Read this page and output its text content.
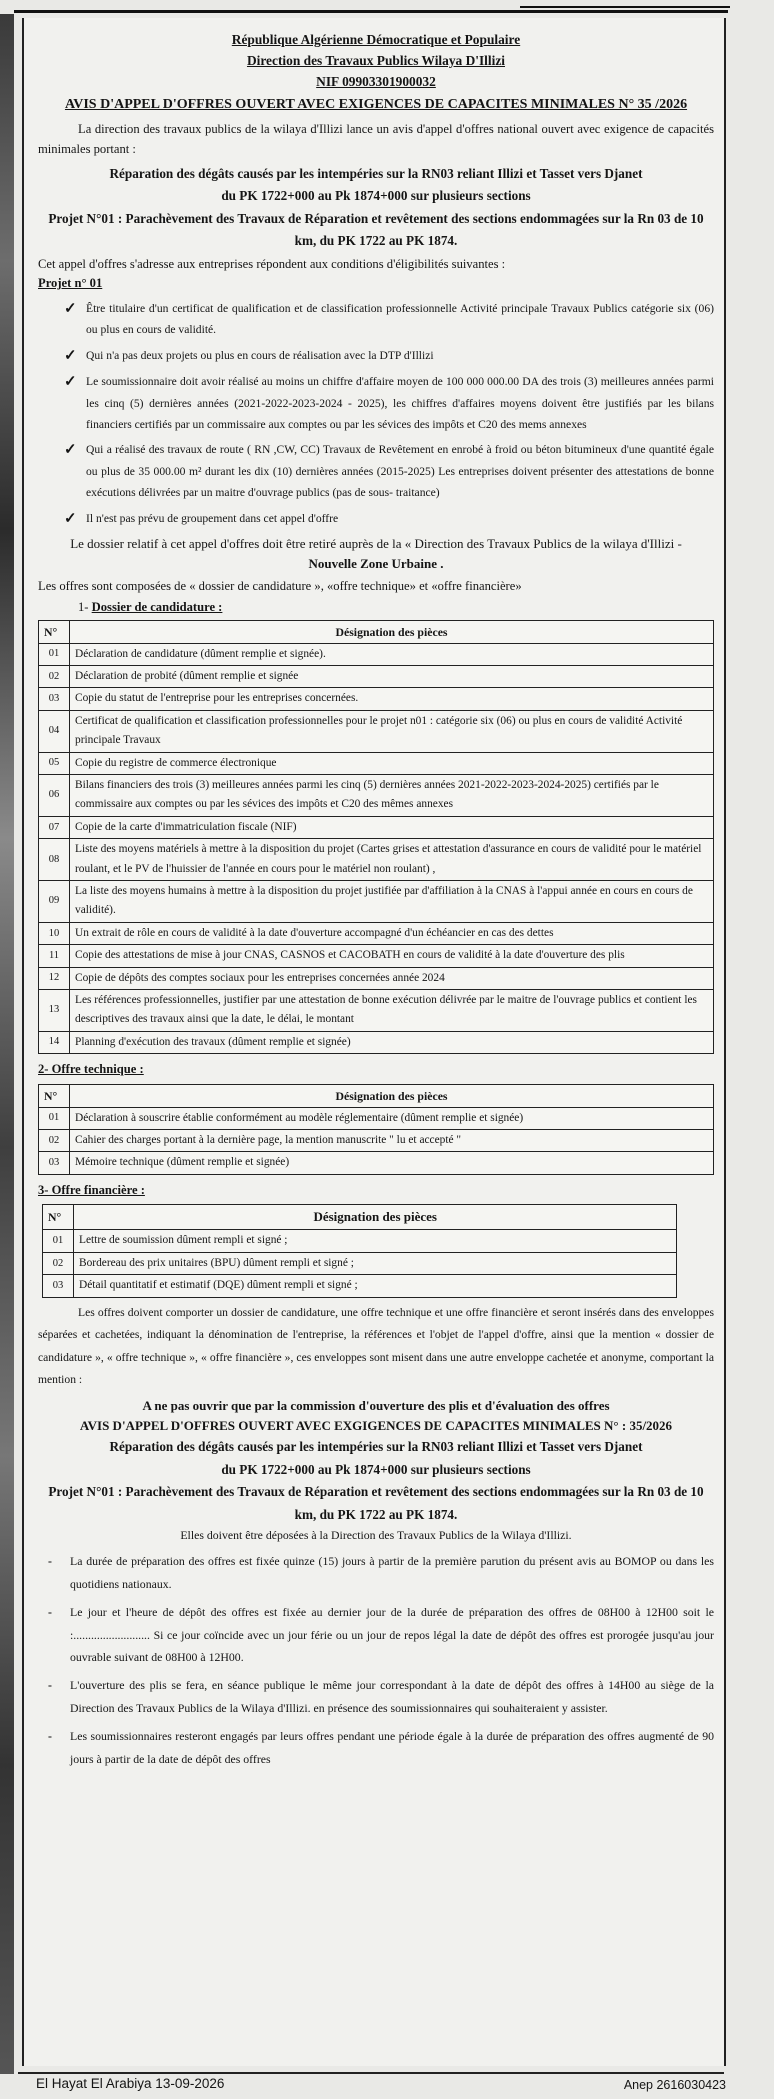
République Algérienne Démocratique et Populaire

Direction des Travaux Publics Wilaya D'Illizi

NIF 09903301900032

AVIS D'APPEL D'OFFRES OUVERT AVEC EXIGENCES DE CAPACITES MINIMALES N° 35 /2026

La direction des travaux publics de la wilaya d'Illizi lance un avis d'appel d'offres national ouvert avec exigence de capacités minimales portant :

Réparation des dégâts causés par les intempéries sur la RN03 reliant Illizi et Tasset vers Djanet

du PK 1722+000 au Pk 1874+000 sur plusieurs sections

Projet N°01 : Parachèvement des Travaux de Réparation et revêtement des sections endommagées sur la Rn 03 de 10

km, du PK 1722 au PK 1874.

Cet appel d'offres s'adresse aux entreprises répondent aux conditions d'éligibilités suivantes :

Projet n° 01

✓ Être titulaire d'un certificat de qualification et de classification professionnelle Activité principale Travaux Publics catégorie six (06) ou plus en cours de validité.
✓ Qui n'a pas deux projets ou plus en cours de réalisation avec la DTP d'Illizi
✓ Le soumissionnaire doit avoir réalisé au moins un chiffre d'affaire moyen de 100 000 000.00 DA des trois (3) meilleures années parmi les cinq (5) dernières années (2021-2022-2023-2024 - 2025), les chiffres d'affaires moyens doivent être justifiés par les bilans financiers certifiés par un commissaire aux comptes ou par les sévices des impôts et C20 des mems annexes
✓ Qui a réalisé des travaux de route ( RN ,CW, CC) Travaux de Revêtement en enrobé à froid ou béton bitumineux d'une quantité égale ou plus de 35 000.00 m² durant les dix (10) dernières années (2015-2025) Les entreprises doivent présenter des attestations de bonne exécutions délivrées par un maitre d'ouvrage publics (pas de sous- traitance)
✓ Il n'est pas prévu de groupement dans cet appel d'offre

Le dossier relatif à cet appel d'offres doit être retiré auprès de la « Direction des Travaux Publics de la wilaya d'Illizi -

Nouvelle Zone Urbaine .

Les offres sont composées de « dossier de candidature », «offre technique» et «offre financière»

1- Dossier de candidature :

N°	Désignation des pièces
01	Déclaration de candidature (dûment remplie et signée).
02	Déclaration de probité (dûment remplie et signée
03	Copie du statut de l'entreprise pour les entreprises concernées.
04	Certificat de qualification et classification professionnelles pour le projet n01 : catégorie six (06) ou plus en cours de validité Activité principale Travaux
05	Copie du registre de commerce électronique
06	Bilans financiers des trois (3) meilleures années parmi les cinq (5) dernières années 2021-2022-2023-2024-2025) certifiés par le commissaire aux comptes ou par les sévices des impôts et C20 des mêmes annexes
07	Copie de la carte d'immatriculation fiscale (NIF)
08	Liste des moyens matériels à mettre à la disposition du projet (Cartes grises et attestation d'assurance en cours de validité pour le matériel roulant, et le PV de l'huissier de l'année en cours pour le matériel non roulant) ,
09	La liste des moyens humains à mettre à la disposition du projet justifiée par d'affiliation à la CNAS à l'appui année en cours en cours de validité).
10	Un extrait de rôle en cours de validité à la date d'ouverture accompagné d'un échéancier en cas des dettes
11	Copie des attestations de mise à jour CNAS, CASNOS et CACOBATH en cours de validité à la date d'ouverture des plis
12	Copie de dépôts des comptes sociaux pour les entreprises concernées année 2024
13	Les références professionnelles, justifier par une attestation de bonne exécution délivrée par le maitre de l'ouvrage publics et contient les descriptives des travaux ainsi que la date, le délai, le montant
14	Planning d'exécution des travaux (dûment remplie et signée)

2- Offre technique :

N°	Désignation des pièces
01	Déclaration à souscrire établie conformément au modèle réglementaire (dûment remplie et signée)
02	Cahier des charges portant à la dernière page, la mention manuscrite " lu et accepté "
03	Mémoire technique (dûment remplie et signée)

3- Offre financière :

N°	Désignation des pièces
01	Lettre de soumission dûment rempli et signé ;
02	Bordereau des prix unitaires (BPU) dûment rempli et signé ;
03	Détail quantitatif et estimatif (DQE) dûment rempli et signé ;

Les offres doivent comporter un dossier de candidature, une offre technique et une offre financière et seront insérés dans des enveloppes séparées et cachetées, indiquant la dénomination de l'entreprise, la références et l'objet de l'appel d'offre, ainsi que la mention « dossier de candidature », « offre technique », « offre financière », ces enveloppes sont misent dans une autre enveloppe cachetée et anonyme, comportant la mention :

A ne pas ouvrir que par la commission d'ouverture des plis et d'évaluation des offres

AVIS D'APPEL D'OFFRES OUVERT AVEC EXGIGENCES DE CAPACITES MINIMALES N° : 35/2026

Réparation des dégâts causés par les intempéries sur la RN03 reliant Illizi et Tasset vers Djanet

du PK 1722+000 au Pk 1874+000 sur plusieurs sections

Projet N°01 : Parachèvement des Travaux de Réparation et revêtement des sections endommagées sur la Rn 03 de 10

km, du PK 1722 au PK 1874.

Elles doivent être déposées à la Direction des Travaux Publics de la Wilaya d'Illizi.

-	La durée de préparation des offres est fixée quinze (15) jours à partir de la première parution du présent avis au BOMOP ou dans les quotidiens nationaux.
-	Le jour et l'heure de dépôt des offres est fixée au dernier jour de la durée de préparation des offres de 08H00 à 12H00 soit le :.......................... Si ce jour coïncide avec un jour férie ou un jour de repos légal la date de dépôt des offres est prorogée jusqu'au jour ouvrable suivant de 08H00 à 12H00.
-	L'ouverture des plis se fera, en séance publique le même jour correspondant à la date de dépôt des offres à 14H00 au siège de la Direction des Travaux Publics de la Wilaya d'Illizi. en présence des soumissionnaires qui souhaiteraient y assister.
-	Les soumissionnaires resteront engagés par leurs offres pendant une période égale à la durée de préparation des offres augmenté de 90 jours à partir de la date de dépôt des offres
El Hayat El Arabiya 13-09-2026	Anep 2616030423
